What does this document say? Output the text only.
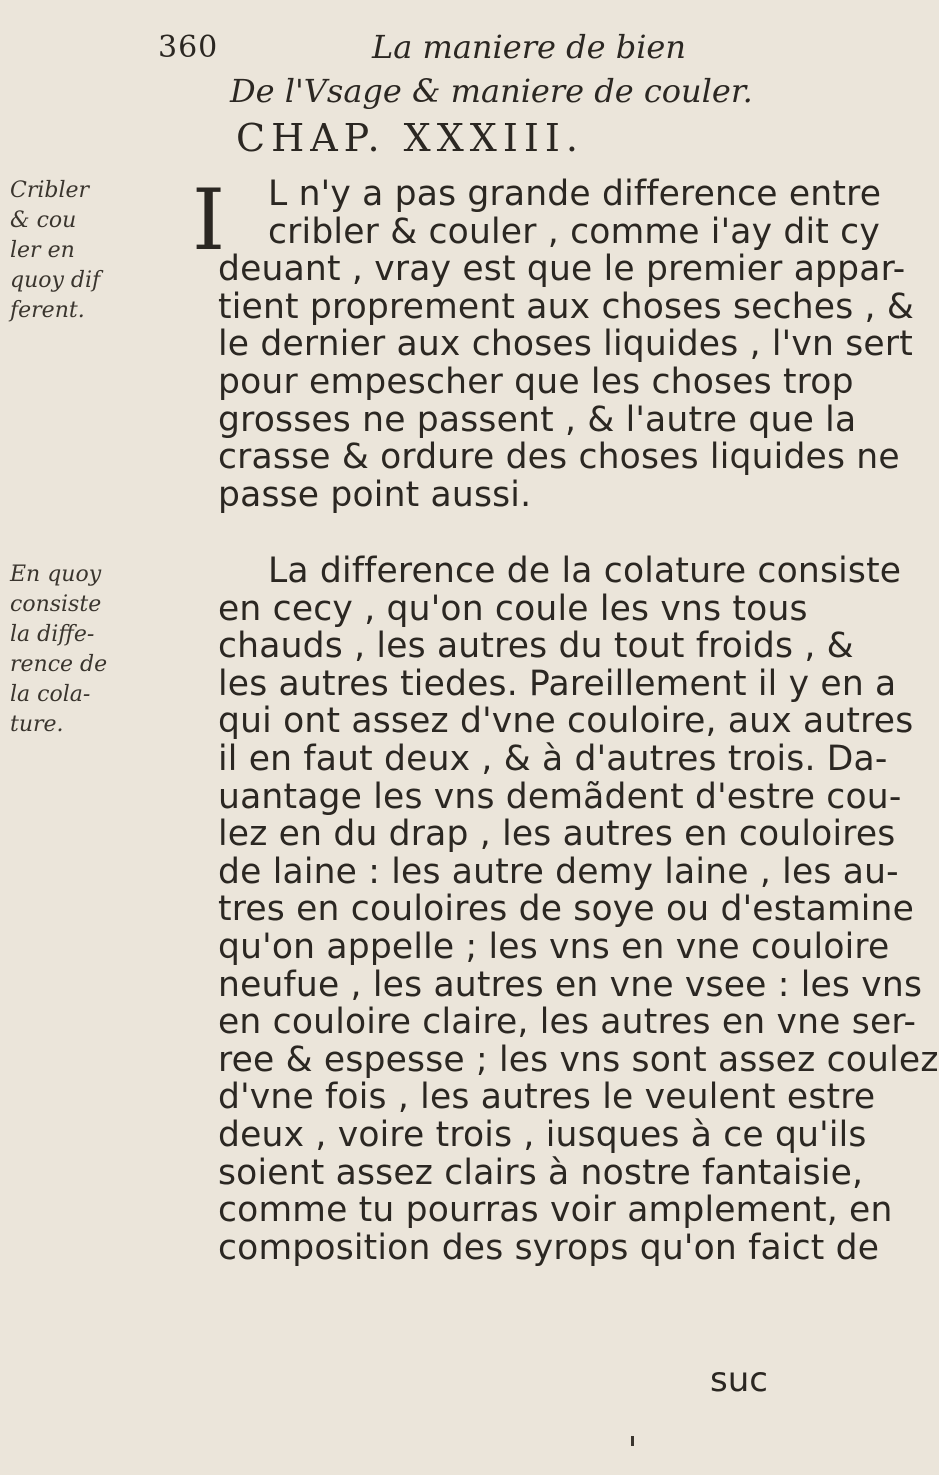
360	La maniere de bien
De l'Vsage & maniere de couler.
CHAP. XXXIII.
Cribler
& cou
ler en
quoy dif
ferent.
I	L n'y a pas grande difference entre
cribler & couler , comme i'ay dit cy
deuant , vray est que le premier appar-
tient proprement aux choses seches , &
le dernier aux choses liquides , l'vn sert
pour empescher que les choses trop
grosses ne passent , & l'autre que la
crasse & ordure des choses liquides ne
passe point aussi.
En quoy
consiste
la diffe-
rence de
la cola-
ture.
La difference de la colature consiste
en cecy , qu'on coule les vns tous
chauds , les autres du tout froids , &
les autres tiedes. Pareillement il y en a
qui ont assez d'vne couloire, aux autres
il en faut deux , & à d'autres trois. Da-
uantage les vns demãdent d'estre cou-
lez en du drap , les autres en couloires
de laine : les autre demy laine , les au-
tres en couloires de soye ou d'estamine
qu'on appelle ; les vns en vne couloire
neufue , les autres en vne vsee : les vns
en couloire claire, les autres en vne ser-
ree & espesse ; les vns sont assez coulez
d'vne fois , les autres le veulent estre
deux , voire trois , iusques à ce qu'ils
soient assez clairs à nostre fantaisie,
comme tu pourras voir amplement, en
composition des syrops qu'on faict de
suc
